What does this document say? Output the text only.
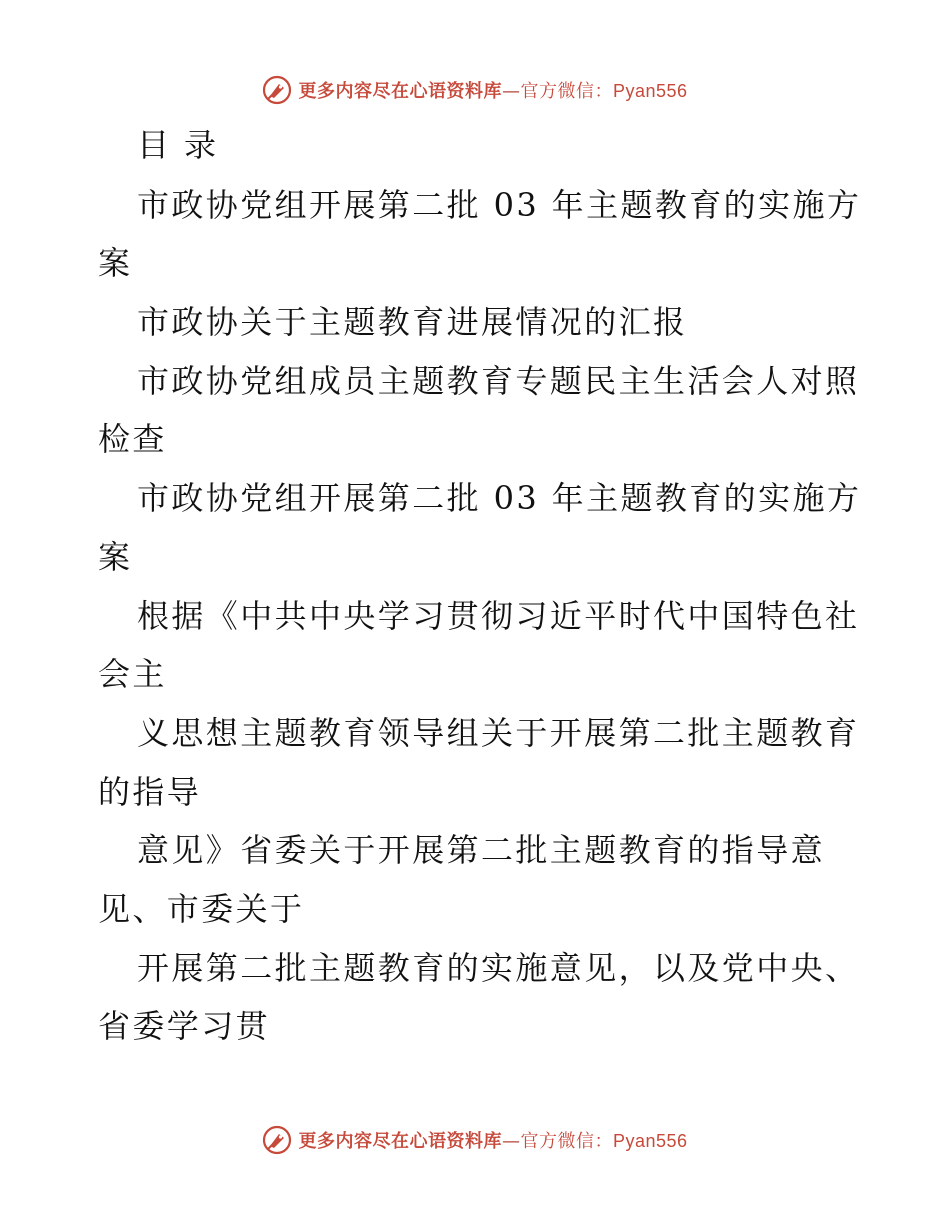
更多内容尽在心语资料库—官方微信：Pyan556
目 录
市政协党组开展第二批 03 年主题教育的实施方
案
市政协关于主题教育进展情况的汇报
市政协党组成员主题教育专题民主生活会人对照
检查
市政协党组开展第二批 03 年主题教育的实施方
案
根据《中共中央学习贯彻习近平时代中国特色社
会主
义思想主题教育领导组关于开展第二批主题教育
的指导
意见》省委关于开展第二批主题教育的指导意
见、市委关于
开展第二批主题教育的实施意见，以及党中央、
省委学习贯
更多内容尽在心语资料库—官方微信：Pyan556
